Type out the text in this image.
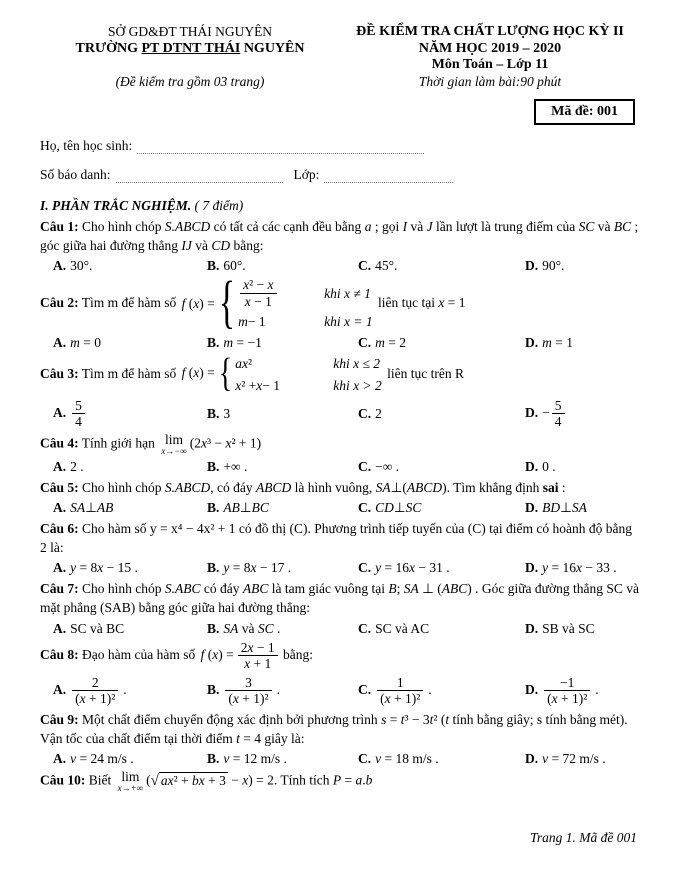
SỞ GD&ĐT THÁI NGUYÊN
TRƯỜNG PT DTNT THÁI NGUYÊN
(Đề kiểm tra gồm 03 trang)
ĐỀ KIỂM TRA CHẤT LƯỢNG HỌC KỲ II
NĂM HỌC 2019 – 2020
Môn Toán – Lớp 11
Thời gian làm bài:90 phút
Mã đề: 001
Họ, tên học sinh:
Số báo danh:	Lớp:
I. PHẦN TRẮC NGHIỆM. ( 7 điểm)

Câu 1: Cho hình chóp S.ABCD có tất cả các cạnh đều bằng a ; gọi I và J lần lượt là trung điểm của SC và BC ; góc giữa hai đường thẳng IJ và CD bằng:

A. 30°.	B. 60°.	C. 45°.	D. 90°.

Câu 2: Tìm m để hàm số f (x) = { $\frac{\text{x² − x}}{x - 1}$	khi x ≠ 1
m − 1	khi x = 1
liên tục tại x = 1

A. m = 0	B. m = −1	C. m = 2	D. m = 1

Câu 3: Tìm m để hàm số f (x) = { ax ²	khi x ≤ 2
x ² + x − 1	khi x > 2
liên tục trên R

A. $\frac{5}{4}$	B. 3	C. 2	D. − $\frac{5}{4}$

Câu 4: Tính giới hạn lim
x→−∞
(2x³ − x² + 1)

A. 2 .	B. +∞ .	C. −∞ .	D. 0 .

Câu 5: Cho hình chóp S.ABCD, có đáy ABCD là hình vuông, SA⊥(ABCD). Tìm khẳng định sai :

A. SA⊥AB	B. AB⊥BC	C. CD⊥SC	D. BD⊥SA

Câu 6: Cho hàm số y = x⁴ − 4x² + 1 có đồ thị (C). Phương trình tiếp tuyến của (C) tại điểm có hoành độ bằng 2 là:

A. y = 8x − 15 .	B. y = 8x − 17 .	C. y = 16x − 31 .	D. y = 16x − 33 .

Câu 7: Cho hình chóp S.ABC có đáy ABC là tam giác vuông tại B; SA ⊥ (ABC) . Góc giữa đường thẳng SC và mặt phẳng (SAB) bằng góc giữa hai đường thẳng:

A. SC và BC	B. SA và SC .	C. SC và AC	D. SB và SC

Câu 8: Đạo hàm của hàm số f $(x) = \frac{2x - 1}{x + 1}$ bằng:

A. $\frac{2}{\text{(x + 1)²}}$ .	B. $\frac{3}{\text{(x + 1)²}}$ .	C. $\frac{1}{\text{(x + 1)²}}$ .	D. $\frac{-1}{\text{(x + 1)²}}$ .

Câu 9: Một chất điểm chuyển động xác định bởi phương trình s = t³ − 3t² (t tính bằng giây; s tính bằng mét). Vận tốc của chất điểm tại thời điểm t = 4 giây là:

A. v = 24 m/s .	B. v = 12 m/s .	C. v = 18 m/s .	D. v = 72 m/s .

Câu 10: Biết lim
x→+∞
(√ ax² + bx + 3 − x) = 2. Tính tích P = a.b

Trang 1. Mã đề 001
